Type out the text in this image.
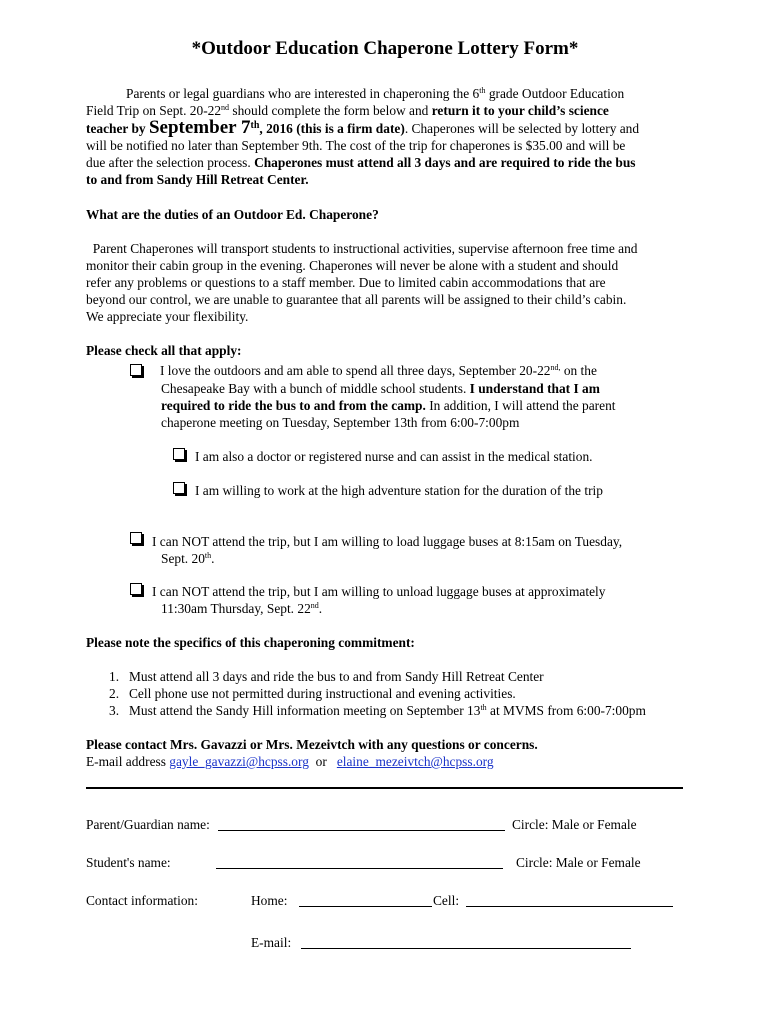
*Outdoor Education Chaperone Lottery Form*
Parents or legal guardians who are interested in chaperoning the 6th grade Outdoor Education
Field Trip on Sept. 20-22nd should complete the form below and return it to your child’s science
teacher by September 7th, 2016 (this is a firm date). Chaperones will be selected by lottery and
will be notified no later than September 9th. The cost of the trip for chaperones is $35.00 and will be
due after the selection process. Chaperones must attend all 3 days and are required to ride the bus
to and from Sandy Hill Retreat Center.
What are the duties of an Outdoor Ed. Chaperone?
Parent Chaperones will transport students to instructional activities, supervise afternoon free time and
monitor their cabin group in the evening. Chaperones will never be alone with a student and should
refer any problems or questions to a staff member. Due to limited cabin accommodations that are
beyond our control, we are unable to guarantee that all parents will be assigned to their child’s cabin.
We appreciate your flexibility.
Please check all that apply:
I love the outdoors and am able to spend all three days, September $20-22^{nd,}$ on the
Chesapeake Bay with a bunch of middle school students. I understand that I am
required to ride the bus to and from the camp. In addition, I will attend the parent
chaperone meeting on Tuesday, September 13th from 6:00-7:00pm
I am also a doctor or registered nurse and can assist in the medical station.
I am willing to work at the high adventure station for the duration of the trip
I can NOT attend the trip, but I am willing to load luggage buses at 8:15am on Tuesday,
Sept. 20th.
I can NOT attend the trip, but I am willing to unload luggage buses at approximately
11:30am Thursday, Sept. 22nd.
Please note the specifics of this chaperoning commitment:
1. Must attend all 3 days and ride the bus to and from Sandy Hill Retreat Center
2. Cell phone use not permitted during instructional and evening activities.
3. Must attend the Sandy Hill information meeting on September 13th at MVMS from 6:00-7:00pm
Please contact Mrs. Gavazzi or Mrs. Mezeivtch with any questions or concerns.
E-mail address gayle_gavazzi@hcpss.org  or   elaine_mezeivtch@hcpss.org
Parent/Guardian name:	Circle: Male or Female
Student's name:	Circle: Male or Female
Contact information:	Home:	Cell:
E-mail:
